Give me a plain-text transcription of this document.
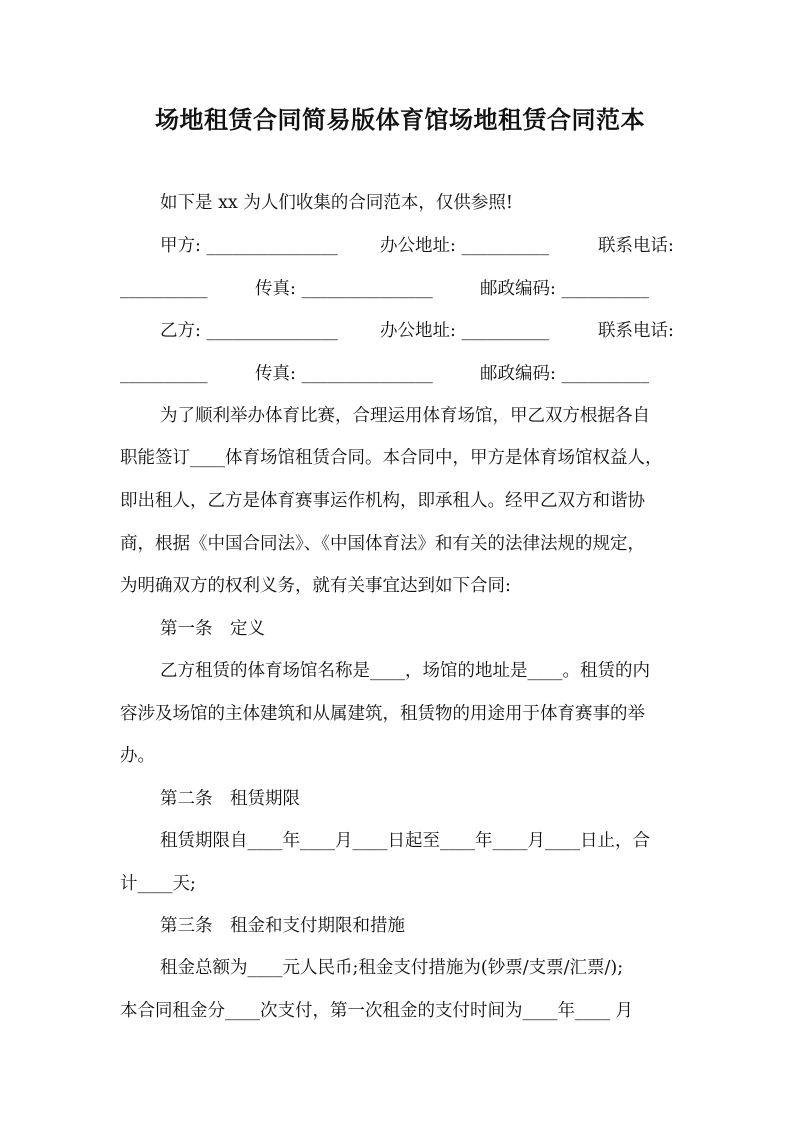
场地租赁合同简易版体育馆场地租赁合同范本
如下是 xx 为人们收集的合同范本，仅供参照!
甲方: _______________ 办公地址: __________	联系电话:
__________	传真: _______________	邮政编码: __________
乙方: _______________ 办公地址: __________	联系电话:
__________	传真: _______________	邮政编码: __________
为了顺利举办体育比赛，合理运用体育场馆，甲乙双方根据各自
职能签订____体育场馆租赁合同。本合同中，甲方是体育场馆权益人，
即出租人，乙方是体育赛事运作机构，即承租人。经甲乙双方和谐协
商，根据《中国合同法》、《中国体育法》和有关的法律法规的规定，
为明确双方的权利义务，就有关事宜达到如下合同:
第一条　定义
乙方租赁的体育场馆名称是____，场馆的地址是____。租赁的内
容涉及场馆的主体建筑和从属建筑，租赁物的用途用于体育赛事的举
办。
第二条　租赁期限
租赁期限自____年____月____日起至____年____月____日止，合
计____天;
第三条　租金和支付期限和措施
租金总额为____元人民币;租金支付措施为(钞票/支票/汇票/);
本合同租金分____次支付，第一次租金的支付时间为____年____ 月
